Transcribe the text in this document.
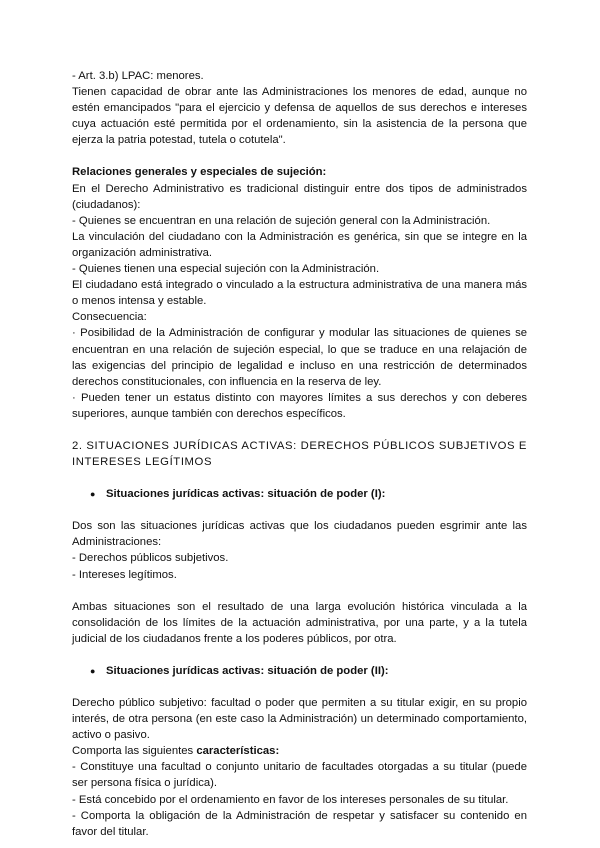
- Art. 3.b) LPAC: menores.

Tienen capacidad de obrar ante las Administraciones los menores de edad, aunque no estén emancipados "para el ejercicio y defensa de aquellos de sus derechos e intereses cuya actuación esté permitida por el ordenamiento, sin la asistencia de la persona que ejerza la patria potestad, tutela o cotutela".

Relaciones generales y especiales de sujeción:

En el Derecho Administrativo es tradicional distinguir entre dos tipos de administrados (ciudadanos):

- Quienes se encuentran en una relación de sujeción general con la Administración.

La vinculación del ciudadano con la Administración es genérica, sin que se integre en la organización administrativa.

- Quienes tienen una especial sujeción con la Administración.

El ciudadano está integrado o vinculado a la estructura administrativa de una manera más o menos intensa y estable.

Consecuencia:

· Posibilidad de la Administración de configurar y modular las situaciones de quienes se encuentran en una relación de sujeción especial, lo que se traduce en una relajación de las exigencias del principio de legalidad e incluso en una restricción de determinados derechos constitucionales, con influencia en la reserva de ley.

· Pueden tener un estatus distinto con mayores límites a sus derechos y con deberes superiores, aunque también con derechos específicos.

2. SITUACIONES JURÍDICAS ACTIVAS: DERECHOS PÚBLICOS SUBJETIVOS E INTERESES LEGÍTIMOS

● Situaciones jurídicas activas: situación de poder (I):

Dos son las situaciones jurídicas activas que los ciudadanos pueden esgrimir ante las Administraciones:

- Derechos públicos subjetivos.

- Intereses legítimos.

Ambas situaciones son el resultado de una larga evolución histórica vinculada a la consolidación de los límites de la actuación administrativa, por una parte, y a la tutela judicial de los ciudadanos frente a los poderes públicos, por otra.

● Situaciones jurídicas activas: situación de poder (II):

Derecho público subjetivo: facultad o poder que permiten a su titular exigir, en su propio interés, de otra persona (en este caso la Administración) un determinado comportamiento, activo o pasivo.

Comporta las siguientes características:

- Constituye una facultad o conjunto unitario de facultades otorgadas a su titular (puede ser persona física o jurídica).

- Está concebido por el ordenamiento en favor de los intereses personales de su titular.

- Comporta la obligación de la Administración de respetar y satisfacer su contenido en favor del titular.
